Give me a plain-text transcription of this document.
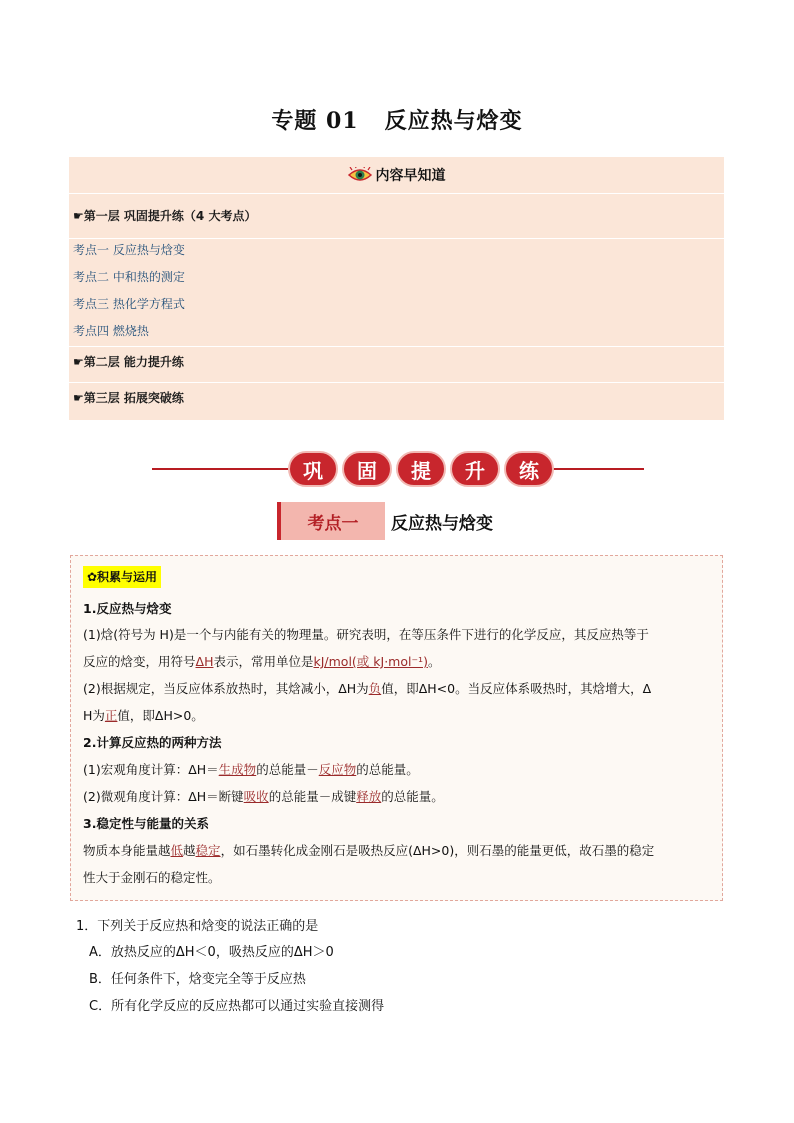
专题 01 反应热与焓变
内容早知道
☛第一层 巩固提升练（4 大考点）
考点一 反应热与焓变
考点二 中和热的测定
考点三 热化学方程式
考点四 燃烧热
☛第二层 能力提升练
☛第三层 拓展突破练
巩	固	提	升	练
考点一	反应热与焓变
✿积累与运用
1.反应热与焓变
(1)焓(符号为 H)是一个与内能有关的物理量。研究表明，在等压条件下进行的化学反应，其反应热等于
反应的焓变，用符号ΔH表示，常用单位是kJ/mol(或 kJ·mol⁻¹)。
(2)根据规定，当反应体系放热时，其焓减小，ΔH为负值，即ΔH<0。当反应体系吸热时，其焓增大，Δ
H为正值，即ΔH>0。
2.计算反应热的两种方法
(1)宏观角度计算：ΔH＝生成物的总能量－反应物的总能量。
(2)微观角度计算：ΔH＝断键吸收的总能量－成键释放的总能量。
3.稳定性与能量的关系
物质本身能量越低越稳定，如石墨转化成金刚石是吸热反应(ΔH>0)，则石墨的能量更低，故石墨的稳定
性大于金刚石的稳定性。
1．下列关于反应热和焓变的说法正确的是
A．放热反应的ΔH＜0，吸热反应的ΔH＞0
B．任何条件下，焓变完全等于反应热
C．所有化学反应的反应热都可以通过实验直接测得
